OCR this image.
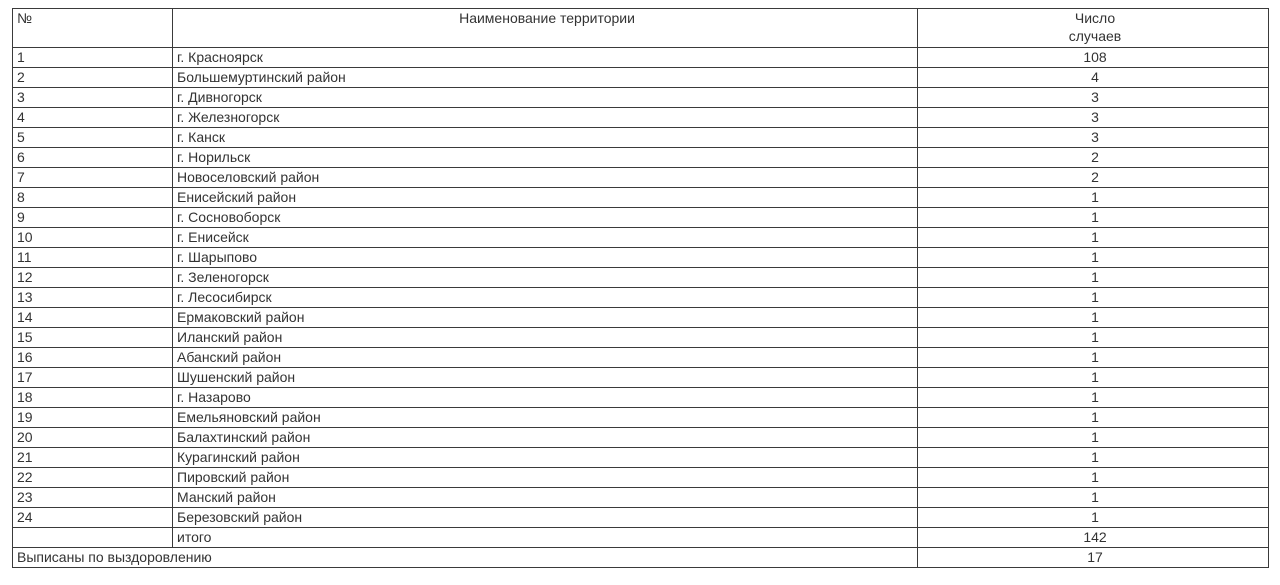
№	Наименование территории	Число
случаев
1	г. Красноярск	108
2	Большемуртинский район	4
3	г. Дивногорск	3
4	г. Железногорск	3
5	г. Канск	3
6	г. Норильск	2
7	Новоселовский район	2
8	Енисейский район	1
9	г. Сосновоборск	1
10	г. Енисейск	1
11	г. Шарыпово	1
12	г. Зеленогорск	1
13	г. Лесосибирск	1
14	Ермаковский район	1
15	Иланский район	1
16	Абанский район	1
17	Шушенский район	1
18	г. Назарово	1
19	Емельяновский район	1
20	Балахтинский район	1
21	Курагинский район	1
22	Пировский район	1
23	Манский район	1
24	Березовский район	1
	итого	142
Выписаны по выздоровлению		17
